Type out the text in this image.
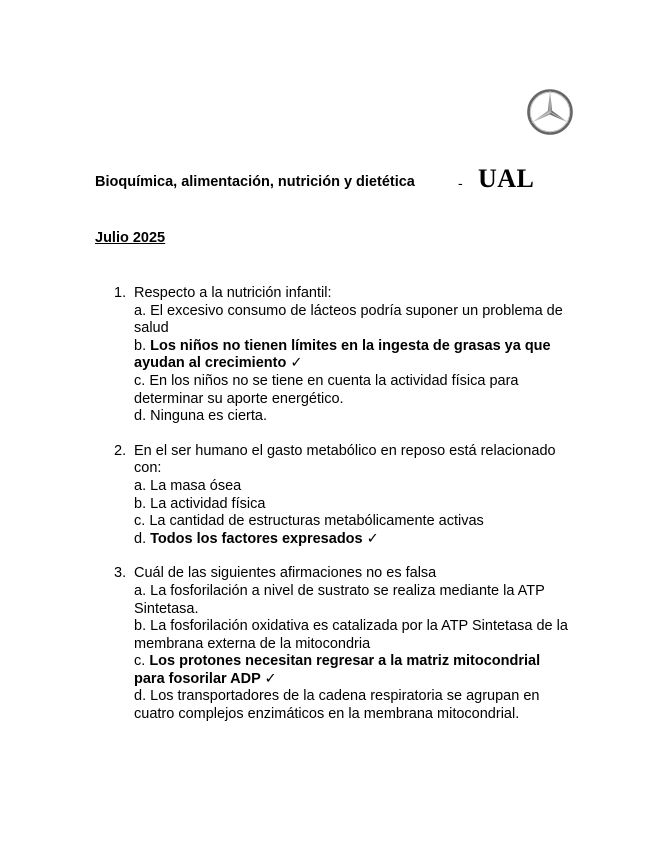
Bioquímica, alimentación, nutrición y dietética	- UAL
Julio 2025
1. Respecto a la nutrición infantil:
a. El excesivo consumo de lácteos podría suponer un problema de salud
b. Los niños no tienen límites en la ingesta de grasas ya que ayudan al crecimiento ✓
c. En los niños no se tiene en cuenta la actividad física para determinar su aporte energético.
d. Ninguna es cierta.
2. En el ser humano el gasto metabólico en reposo está relacionado con:
a. La masa ósea
b. La actividad física
c. La cantidad de estructuras metabólicamente activas
d. Todos los factores expresados ✓
3. Cuál de las siguientes afirmaciones no es falsa
a. La fosforilación a nivel de sustrato se realiza mediante la ATP Sintetasa.
b. La fosforilación oxidativa es catalizada por la ATP Sintetasa de la membrana externa de la mitocondria
c. Los protones necesitan regresar a la matriz mitocondrial para fosorilar ADP ✓
d. Los transportadores de la cadena respiratoria se agrupan en cuatro complejos enzimáticos en la membrana mitocondrial.
